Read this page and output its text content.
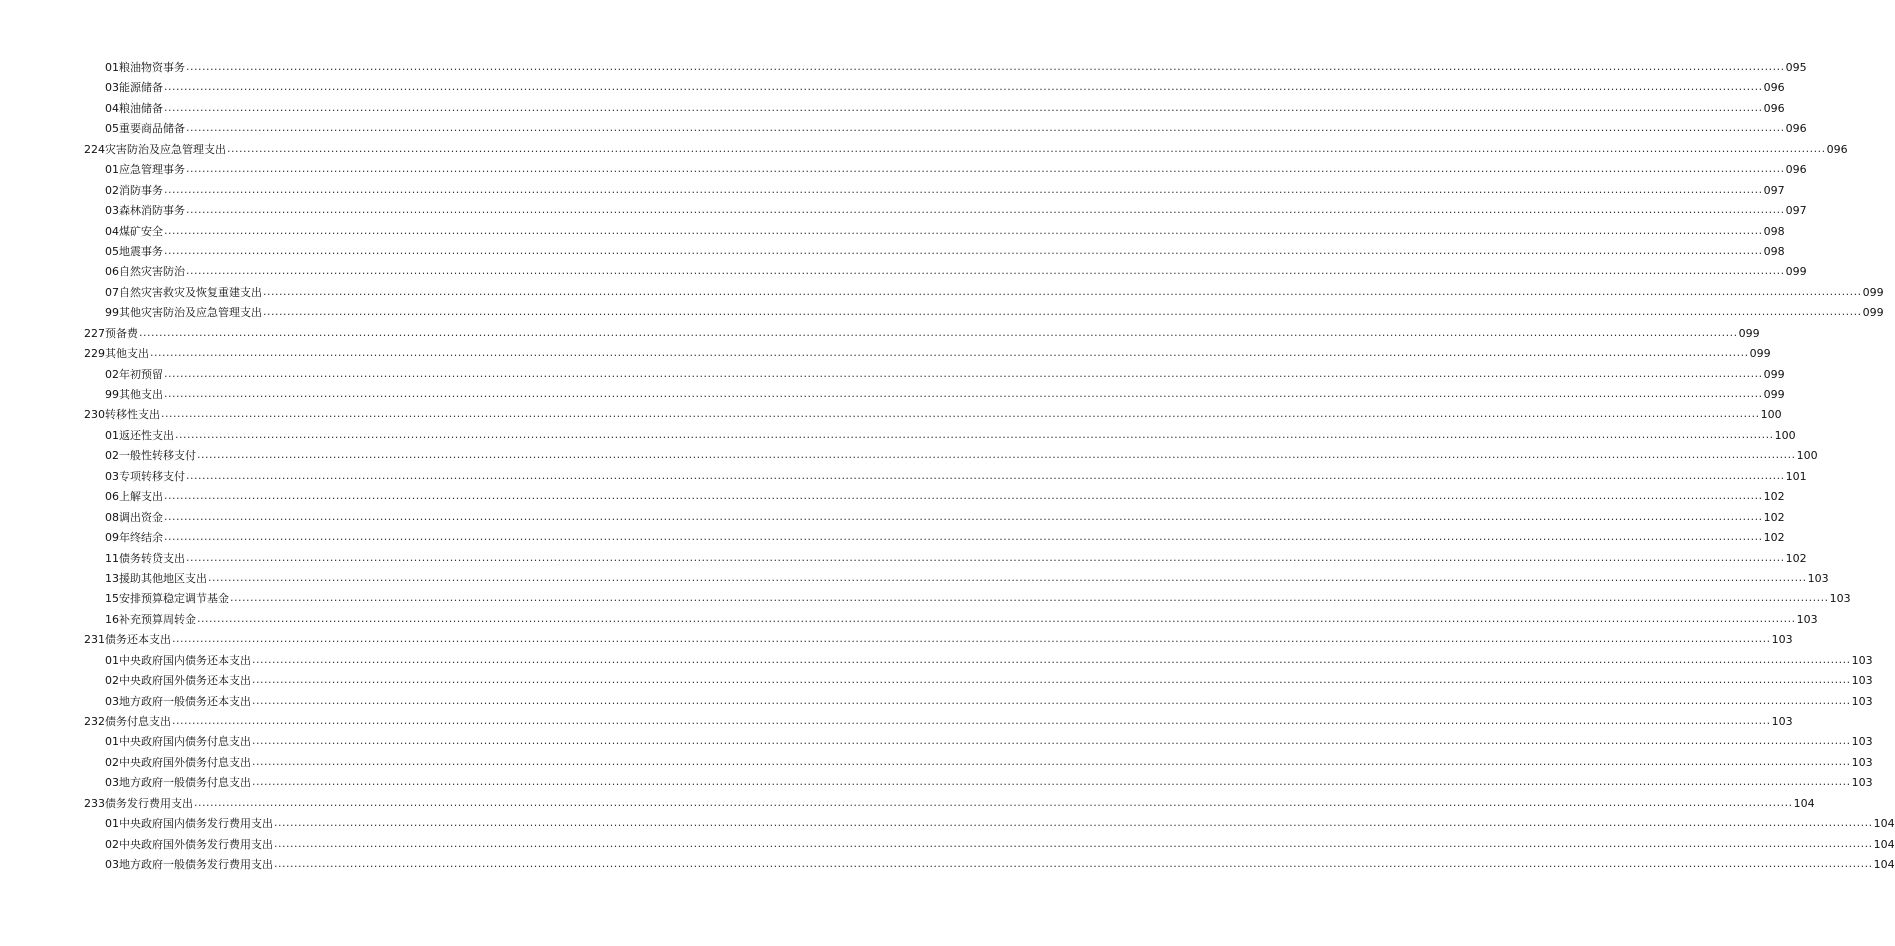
01 粮油物资事务 ................................................................................................................................................................................................................................................................................................................................................................................................................ 095
03 能源储备 ................................................................................................................................................................................................................................................................................................................................................................................................................ 096
04 粮油储备 ................................................................................................................................................................................................................................................................................................................................................................................................................ 096
05 重要商品储备 ................................................................................................................................................................................................................................................................................................................................................................................................................ 096
224 灾害防治及应急管理支出 ................................................................................................................................................................................................................................................................................................................................................................................................................ 096
01 应急管理事务 ................................................................................................................................................................................................................................................................................................................................................................................................................ 096
02 消防事务 ................................................................................................................................................................................................................................................................................................................................................................................................................ 097
03 森林消防事务 ................................................................................................................................................................................................................................................................................................................................................................................................................ 097
04 煤矿安全 ................................................................................................................................................................................................................................................................................................................................................................................................................ 098
05 地震事务 ................................................................................................................................................................................................................................................................................................................................................................................................................ 098
06 自然灾害防治 ................................................................................................................................................................................................................................................................................................................................................................................................................ 099
07 自然灾害救灾及恢复重建支出 ................................................................................................................................................................................................................................................................................................................................................................................................................ 099
99 其他灾害防治及应急管理支出 ................................................................................................................................................................................................................................................................................................................................................................................................................ 099
227 预备费 ................................................................................................................................................................................................................................................................................................................................................................................................................ 099
229 其他支出 ................................................................................................................................................................................................................................................................................................................................................................................................................ 099
02 年初预留 ................................................................................................................................................................................................................................................................................................................................................................................................................ 099
99 其他支出 ................................................................................................................................................................................................................................................................................................................................................................................................................ 099
230 转移性支出 ................................................................................................................................................................................................................................................................................................................................................................................................................ 100
01 返还性支出 ................................................................................................................................................................................................................................................................................................................................................................................................................ 100
02 一般性转移支付 ................................................................................................................................................................................................................................................................................................................................................................................................................ 100
03 专项转移支付 ................................................................................................................................................................................................................................................................................................................................................................................................................ 101
06 上解支出 ................................................................................................................................................................................................................................................................................................................................................................................................................ 102
08 调出资金 ................................................................................................................................................................................................................................................................................................................................................................................................................ 102
09 年终结余 ................................................................................................................................................................................................................................................................................................................................................................................................................ 102
11 债务转贷支出 ................................................................................................................................................................................................................................................................................................................................................................................................................ 102
13 援助其他地区支出 ................................................................................................................................................................................................................................................................................................................................................................................................................ 103
15 安排预算稳定调节基金 ................................................................................................................................................................................................................................................................................................................................................................................................................ 103
16 补充预算周转金 ................................................................................................................................................................................................................................................................................................................................................................................................................ 103
231 债务还本支出 ................................................................................................................................................................................................................................................................................................................................................................................................................ 103
01 中央政府国内债务还本支出 ................................................................................................................................................................................................................................................................................................................................................................................................................ 103
02 中央政府国外债务还本支出 ................................................................................................................................................................................................................................................................................................................................................................................................................ 103
03 地方政府一般债务还本支出 ................................................................................................................................................................................................................................................................................................................................................................................................................ 103
232 债务付息支出 ................................................................................................................................................................................................................................................................................................................................................................................................................ 103
01 中央政府国内债务付息支出 ................................................................................................................................................................................................................................................................................................................................................................................................................ 103
02 中央政府国外债务付息支出 ................................................................................................................................................................................................................................................................................................................................................................................................................ 103
03 地方政府一般债务付息支出 ................................................................................................................................................................................................................................................................................................................................................................................................................ 103
233 债务发行费用支出 ................................................................................................................................................................................................................................................................................................................................................................................................................ 104
01 中央政府国内债务发行费用支出 ................................................................................................................................................................................................................................................................................................................................................................................................................ 104
02 中央政府国外债务发行费用支出 ................................................................................................................................................................................................................................................................................................................................................................................................................ 104
03 地方政府一般债务发行费用支出 ................................................................................................................................................................................................................................................................................................................................................................................................................ 104
